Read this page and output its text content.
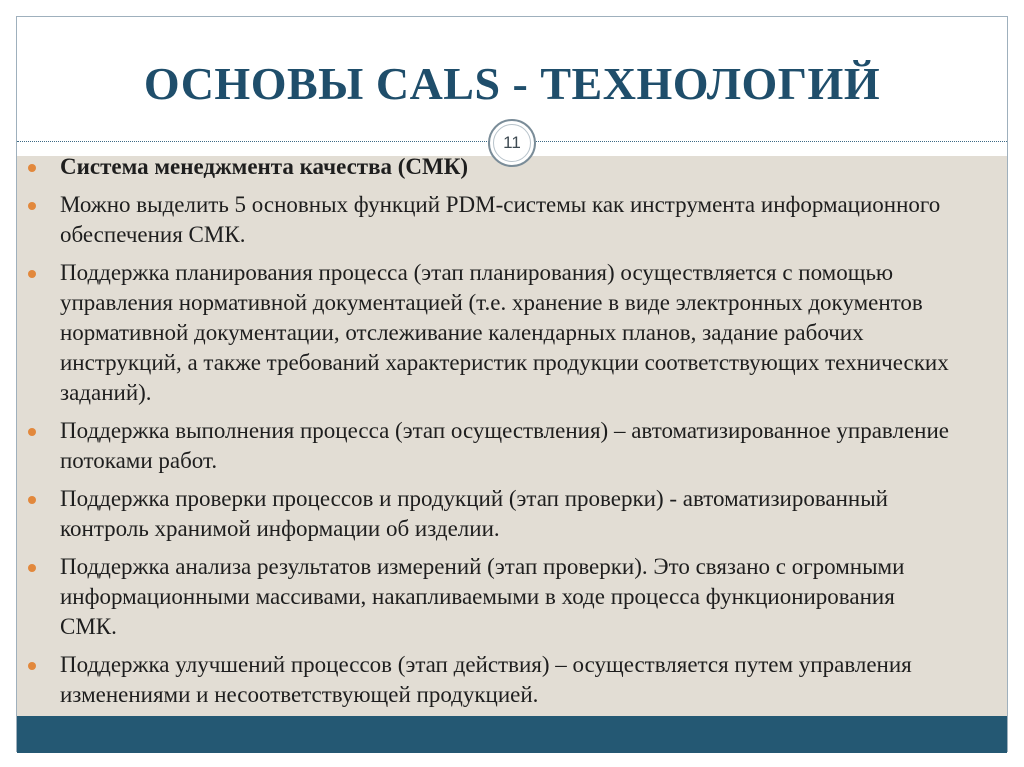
ОСНОВЫ CALS - ТЕХНОЛОГИЙ
11
Система менеджмента качества (СМК)
Можно выделить 5 основных функций PDM-системы как инструмента информационного обеспечения СМК.
Поддержка планирования процесса (этап планирования) осуществляется с помощью управления нормативной документацией (т.е. хранение в виде электронных документов нормативной документации, отслеживание календарных планов, задание рабочих инструкций, а также требований характеристик продукции соответствующих технических заданий).
Поддержка выполнения процесса (этап осуществления) – автоматизированное управление потоками работ.
Поддержка проверки процессов и продукций (этап проверки) - автоматизированный контроль хранимой информации об изделии.
Поддержка анализа результатов измерений (этап проверки). Это связано с огромными информационными массивами, накапливаемыми в ходе процесса функционирования СМК.
Поддержка улучшений процессов (этап действия) – осуществляется путем управления изменениями и несоответствующей продукцией.
